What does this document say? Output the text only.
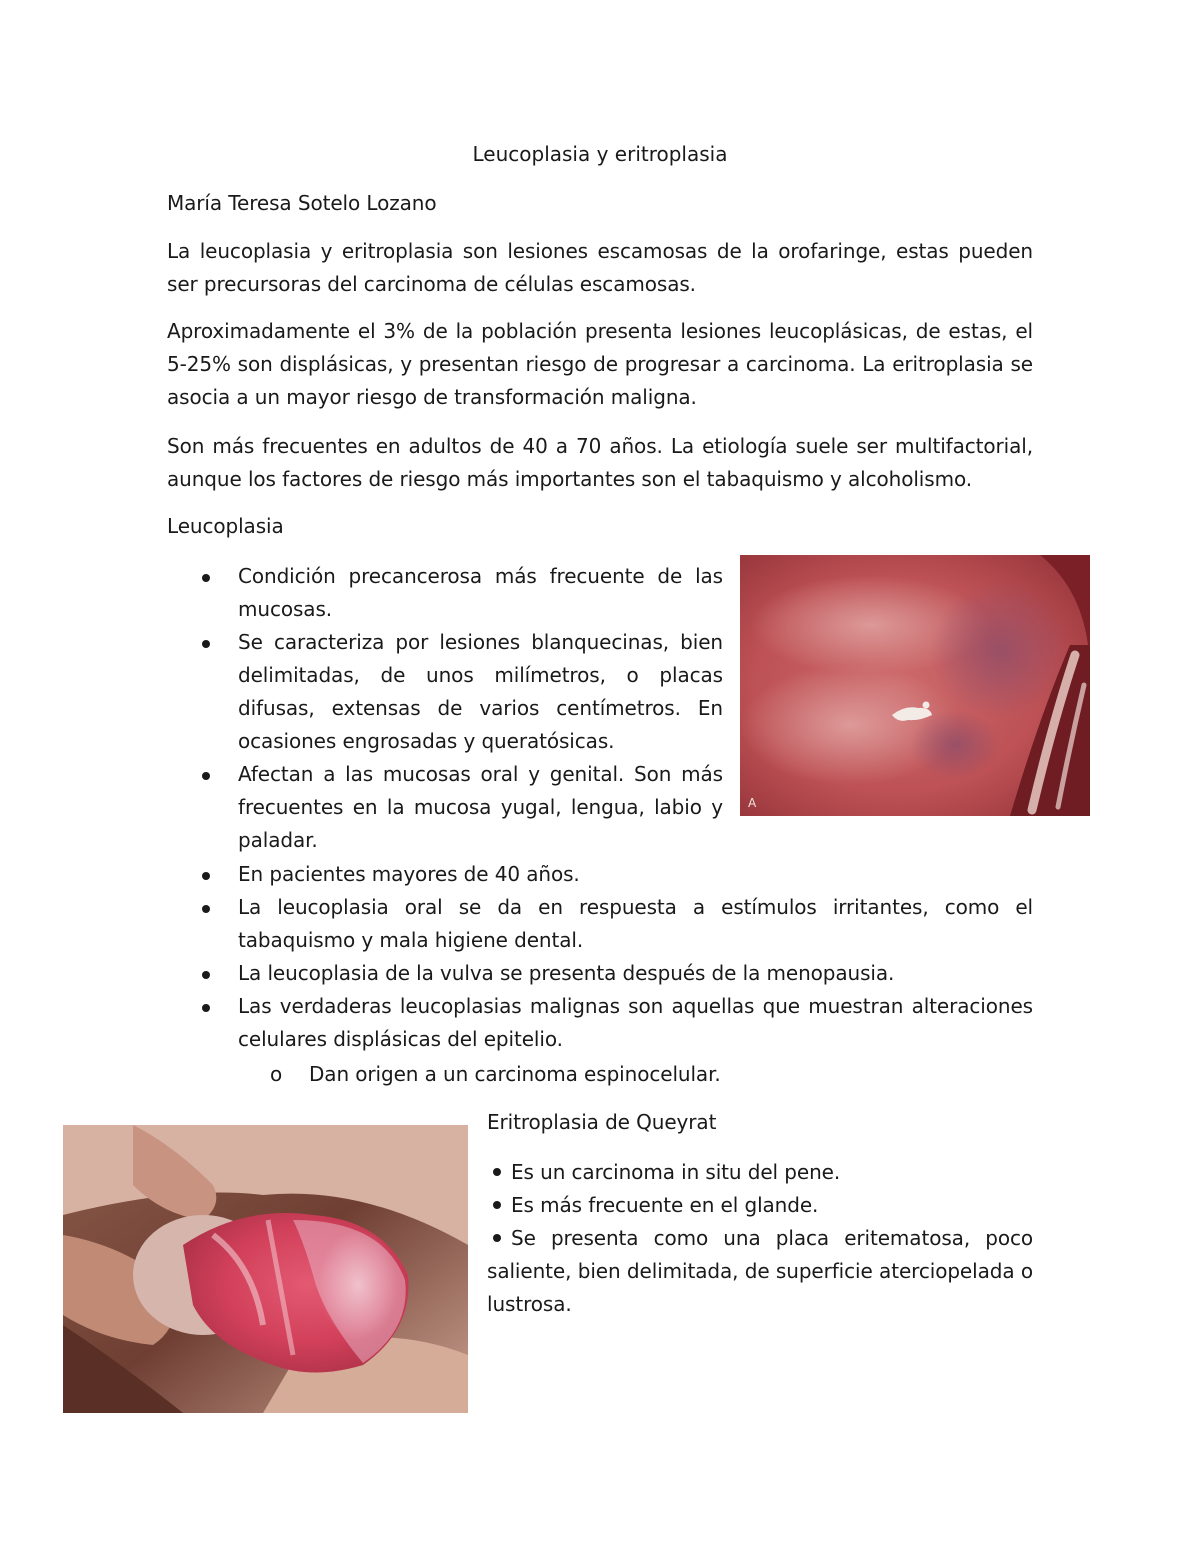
Leucoplasia y eritroplasia
María Teresa Sotelo Lozano
La leucoplasia y eritroplasia son lesiones escamosas de la orofaringe, estas pueden ser precursoras del carcinoma de células escamosas.
Aproximadamente el 3% de la población presenta lesiones leucoplásicas, de estas, el 5-25% son displásicas, y presentan riesgo de progresar a carcinoma. La eritroplasia se asocia a un mayor riesgo de transformación maligna.
Son más frecuentes en adultos de 40 a 70 años. La etiología suele ser multifactorial, aunque los factores de riesgo más importantes son el tabaquismo y alcoholismo.
Leucoplasia
Condición precancerosa más frecuente de las mucosas.
Se caracteriza por lesiones blanquecinas, bien delimitadas, de unos milímetros, o placas difusas, extensas de varios centímetros. En ocasiones engrosadas y queratósicas.
Afectan a las mucosas oral y genital. Son más frecuentes en la mucosa yugal, lengua, labio y paladar.
En pacientes mayores de 40 años.
La leucoplasia oral se da en respuesta a estímulos irritantes, como el tabaquismo y mala higiene dental.
La leucoplasia de la vulva se presenta después de la menopausia.
Las verdaderas leucoplasias malignas son aquellas que muestran alteraciones celulares displásicas del epitelio.
o Dan origen a un carcinoma espinocelular.
A
Eritroplasia de Queyrat
Es un carcinoma in situ del pene.
Es más frecuente en el glande.
Se presenta como una placa eritematosa, poco saliente, bien delimitada, de superficie aterciopelada o lustrosa.
